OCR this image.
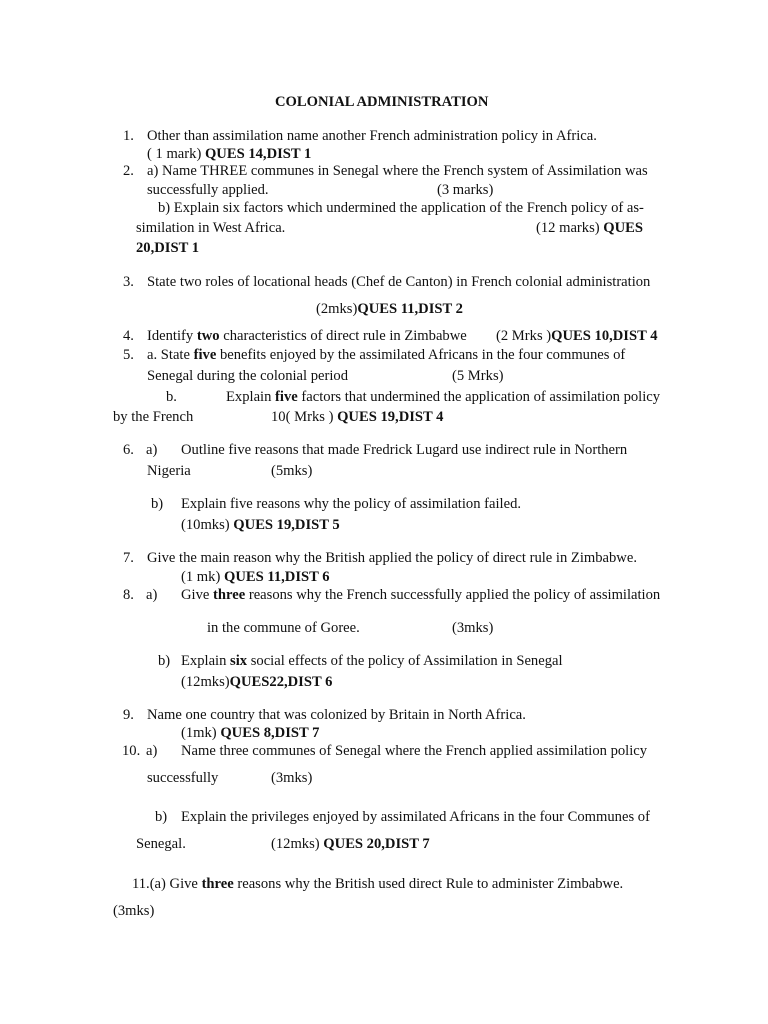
COLONIAL ADMINISTRATION
1. Other than assimilation name another French administration policy in Africa.
( 1 mark) QUES 14,DIST 1
2. a) Name THREE communes in Senegal where the French system of Assimilation was
successfully applied.	(3 marks)
b) Explain six factors which undermined the application of the French policy of as-
similation in West Africa.	(12 marks) QUES
20,DIST 1
3. State two roles of locational heads (Chef de Canton) in French colonial administration
(2mks)QUES 11,DIST 2
4. Identify two characteristics of direct rule in Zimbabwe (2 Mrks )QUES 10,DIST 4
5. a. State five benefits enjoyed by the assimilated Africans in the four communes of
Senegal during the colonial period	(5 Mrks)
b.	Explain five factors that undermined the application of assimilation policy
by the French	10( Mrks ) QUES 19,DIST 4
6. a) Outline five reasons that made Fredrick Lugard use indirect rule in Northern
Nigeria	(5mks)
b) Explain five reasons why the policy of assimilation failed.
(10mks) QUES 19,DIST 5
7. Give the main reason why the British applied the policy of direct rule in Zimbabwe.
(1 mk) QUES 11,DIST 6
8. a) Give three reasons why the French successfully applied the policy of assimilation
in the commune of Goree.	(3mks)
b) Explain six social effects of the policy of Assimilation in Senegal
(12mks)QUES22,DIST 6
9. Name one country that was colonized by Britain in North Africa.
(1mk) QUES 8,DIST 7
10. a) Name three communes of Senegal where the French applied assimilation policy
successfully	(3mks)
b) Explain the privileges enjoyed by assimilated Africans in the four Communes of
Senegal.	(12mks) QUES 20,DIST 7
11.(a) Give three reasons why the British used direct Rule to administer Zimbabwe.
(3mks)
